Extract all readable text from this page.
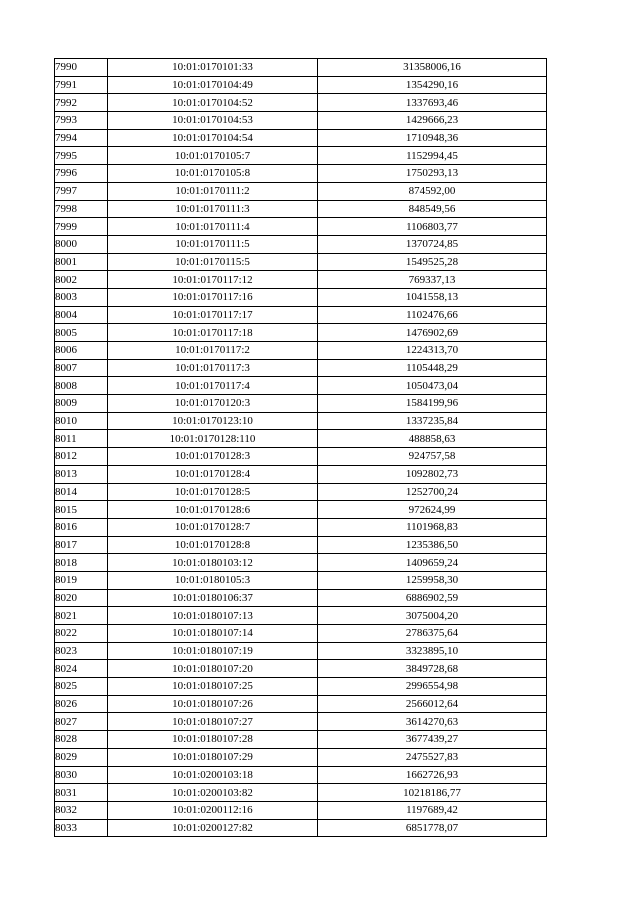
7990	10:01:0170101:33	31358006,16
7991	10:01:0170104:49	1354290,16
7992	10:01:0170104:52	1337693,46
7993	10:01:0170104:53	1429666,23
7994	10:01:0170104:54	1710948,36
7995	10:01:0170105:7	1152994,45
7996	10:01:0170105:8	1750293,13
7997	10:01:0170111:2	874592,00
7998	10:01:0170111:3	848549,56
7999	10:01:0170111:4	1106803,77
8000	10:01:0170111:5	1370724,85
8001	10:01:0170115:5	1549525,28
8002	10:01:0170117:12	769337,13
8003	10:01:0170117:16	1041558,13
8004	10:01:0170117:17	1102476,66
8005	10:01:0170117:18	1476902,69
8006	10:01:0170117:2	1224313,70
8007	10:01:0170117:3	1105448,29
8008	10:01:0170117:4	1050473,04
8009	10:01:0170120:3	1584199,96
8010	10:01:0170123:10	1337235,84
8011	10:01:0170128:110	488858,63
8012	10:01:0170128:3	924757,58
8013	10:01:0170128:4	1092802,73
8014	10:01:0170128:5	1252700,24
8015	10:01:0170128:6	972624,99
8016	10:01:0170128:7	1101968,83
8017	10:01:0170128:8	1235386,50
8018	10:01:0180103:12	1409659,24
8019	10:01:0180105:3	1259958,30
8020	10:01:0180106:37	6886902,59
8021	10:01:0180107:13	3075004,20
8022	10:01:0180107:14	2786375,64
8023	10:01:0180107:19	3323895,10
8024	10:01:0180107:20	3849728,68
8025	10:01:0180107:25	2996554,98
8026	10:01:0180107:26	2566012,64
8027	10:01:0180107:27	3614270,63
8028	10:01:0180107:28	3677439,27
8029	10:01:0180107:29	2475527,83
8030	10:01:0200103:18	1662726,93
8031	10:01:0200103:82	10218186,77
8032	10:01:0200112:16	1197689,42
8033	10:01:0200127:82	6851778,07
